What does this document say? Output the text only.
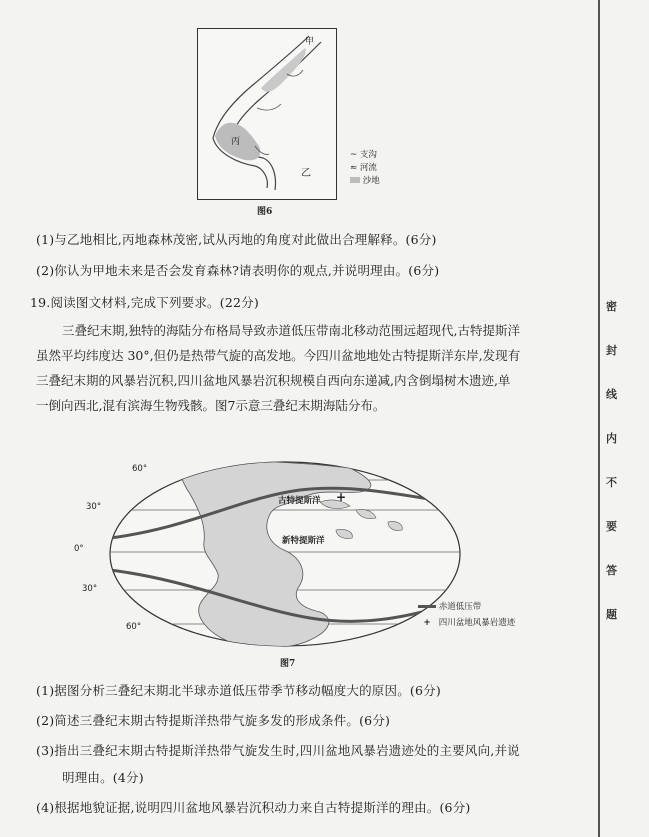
甲
丙
乙
~ 支沟
≈ 河流
沙地
图6
(1)与乙地相比,丙地森林茂密,试从丙地的角度对此做出合理解释。(6分)
(2)你认为甲地未来是否会发育森林?请表明你的观点,并说明理由。(6分)
19.阅读图文材料,完成下列要求。(22分)
三叠纪末期,独特的海陆分布格局导致赤道低压带南北移动范围远超现代,古特提斯洋
虽然平均纬度达 30°,但仍是热带气旋的高发地。今四川盆地地处古特提斯洋东岸,发现有
三叠纪末期的风暴岩沉积,四川盆地风暴岩沉积规模自西向东递减,内含倒塌树木遗迹,单
一倒向西北,混有滨海生物残骸。图7示意三叠纪末期海陆分布。
+
60°
30°
0°
30°
60°
古特提斯洋
新特提斯洋
赤道低压带
+ 四川盆地风暴岩遗迹
图7
(1)据图分析三叠纪末期北半球赤道低压带季节移动幅度大的原因。(6分)
(2)简述三叠纪末期古特提斯洋热带气旋多发的形成条件。(6分)
(3)指出三叠纪末期古特提斯洋热带气旋发生时,四川盆地风暴岩遗迹处的主要风向,并说
明理由。(4分)
(4)根据地貌证据,说明四川盆地风暴岩沉积动力来自古特提斯洋的理由。(6分)
密
封
线
内
不
要
答
题
